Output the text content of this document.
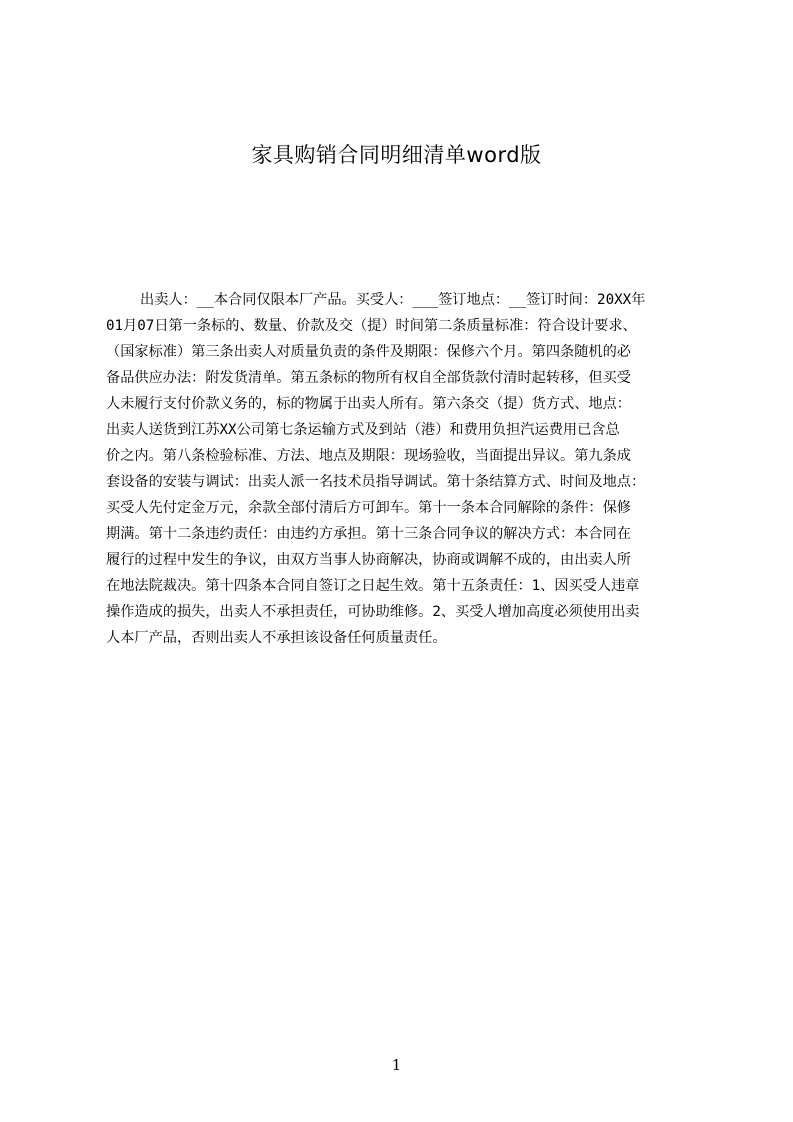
家具购销合同明细清单word版
出卖人：__本合同仅限本厂产品。买受人：___签订地点：__签订时间：20XX年
01月07日第一条标的、数量、价款及交（提）时间第二条质量标准：符合设计要求、
（国家标准）第三条出卖人对质量负责的条件及期限：保修六个月。第四条随机的必
备品供应办法：附发货清单。第五条标的物所有权自全部货款付清时起转移，但买受
人未履行支付价款义务的，标的物属于出卖人所有。第六条交（提）货方式、地点：
出卖人送货到江苏XX公司第七条运输方式及到站（港）和费用负担汽运费用已含总
价之内。第八条检验标准、方法、地点及期限：现场验收，当面提出异议。第九条成
套设备的安装与调试：出卖人派一名技术员指导调试。第十条结算方式、时间及地点：
买受人先付定金万元，余款全部付清后方可卸车。第十一条本合同解除的条件：保修
期满。第十二条违约责任：由违约方承担。第十三条合同争议的解决方式：本合同在
履行的过程中发生的争议，由双方当事人协商解决，协商或调解不成的，由出卖人所
在地法院裁决。第十四条本合同自签订之日起生效。第十五条责任：1、因买受人违章
操作造成的损失，出卖人不承担责任，可协助维修。2、买受人增加高度必须使用出卖
人本厂产品，否则出卖人不承担该设备任何质量责任。
1
